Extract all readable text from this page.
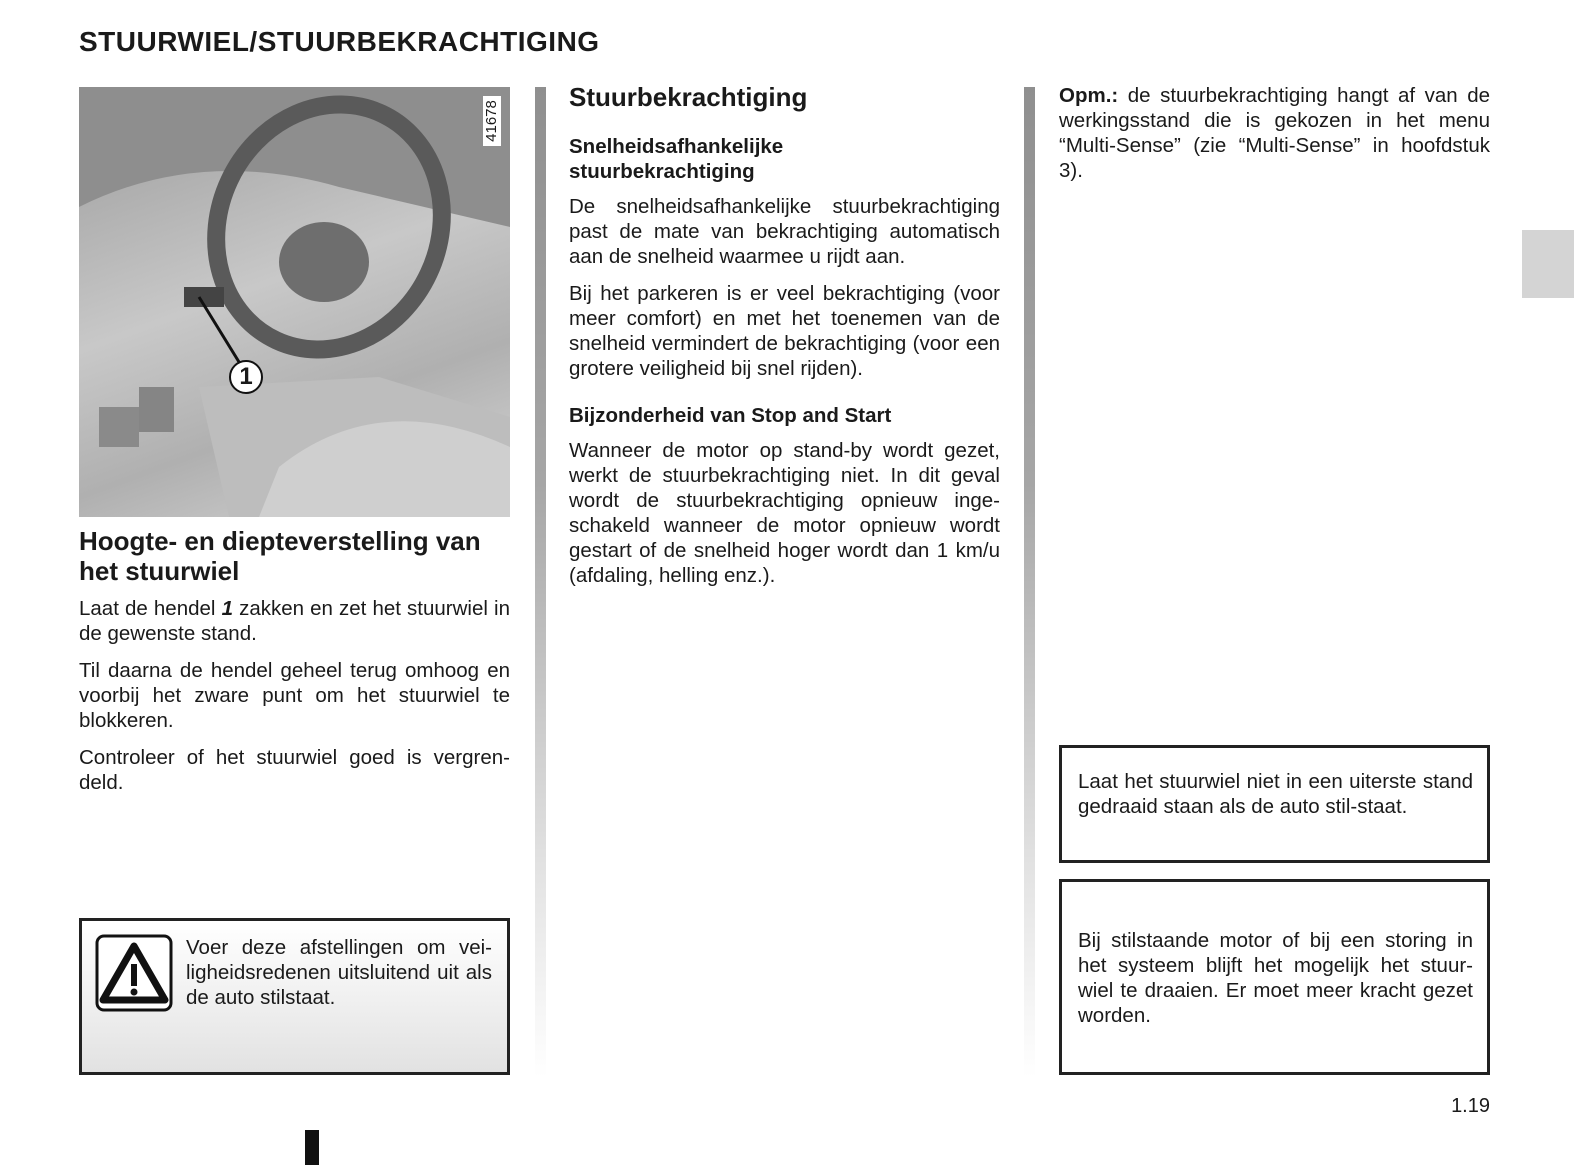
STUURWIEL/STUURBEKRACHTIGING
1
41678
Hoogte- en diepteverstelling van het stuurwiel

Laat de hendel 1 zakken en zet het stuurwiel in de gewenste stand.

Til daarna de hendel geheel terug omhoog en voorbij het zware punt om het stuurwiel te blokkeren.

Controleer of het stuurwiel goed is vergren-deld.

Voer deze afstellingen om vei-ligheidsredenen uitsluitend uit als de auto stilstaat.

Stuurbekrachtiging
Snelheidsafhankelijke stuurbekrachtiging

De snelheidsafhankelijke stuurbekrachtiging past de mate van bekrachtiging automatisch aan de snelheid waarmee u rijdt aan.

Bij het parkeren is er veel bekrachtiging (voor meer comfort) en met het toenemen van de snelheid vermindert de bekrachtiging (voor een grotere veiligheid bij snel rijden).

Bijzonderheid van Stop and Start

Wanneer de motor op stand-by wordt gezet, werkt de stuurbekrachtiging niet. In dit geval wordt de stuurbekrachtiging opnieuw inge-schakeld wanneer de motor opnieuw wordt gestart of de snelheid hoger wordt dan 1 km/u (afdaling, helling enz.).

Opm.: de stuurbekrachtiging hangt af van de werkingsstand die is gekozen in het menu “Multi-Sense” (zie “Multi-Sense” in hoofdstuk 3).

Laat het stuurwiel niet in een uiterste stand gedraaid staan als de auto stil-staat.

Bij stilstaande motor of bij een storing in het systeem blijft het mogelijk het stuur-wiel te draaien. Er moet meer kracht gezet worden.

1.19
